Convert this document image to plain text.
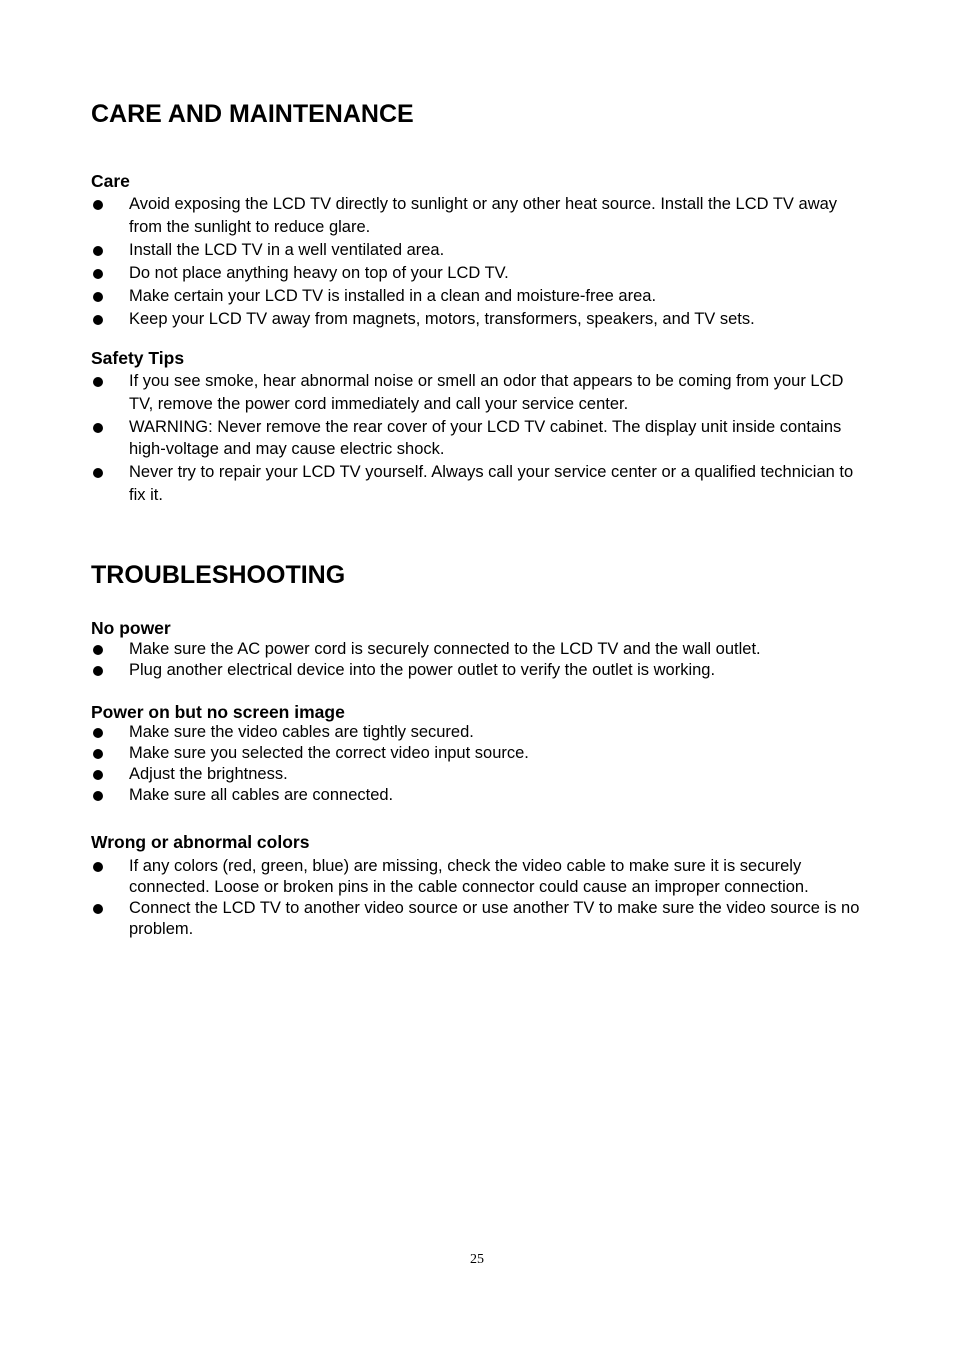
CARE AND MAINTENANCE
Care
Avoid exposing the LCD TV directly to sunlight or any other heat source. Install the LCD TV away from the sunlight to reduce glare.
Install the LCD TV in a well ventilated area.
Do not place anything heavy on top of your LCD TV.
Make certain your LCD TV is installed in a clean and moisture-free area.
Keep your LCD TV away from magnets, motors, transformers, speakers, and TV sets.
Safety Tips
If you see smoke, hear abnormal noise or smell an odor that appears to be coming from your LCD TV, remove the power cord immediately and call your service center.
WARNING: Never remove the rear cover of your LCD TV cabinet. The display unit inside contains high-voltage and may cause electric shock.
Never try to repair your LCD TV yourself. Always call your service center or a qualified technician to fix it.
TROUBLESHOOTING
No power
Make sure the AC power cord is securely connected to the LCD TV and the wall outlet.
Plug another electrical device into the power outlet to verify the outlet is working.
Power on but no screen image
Make sure the video cables are tightly secured.
Make sure you selected the correct video input source.
Adjust the brightness.
Make sure all cables are connected.
Wrong or abnormal colors
If any colors (red, green, blue) are missing, check the video cable to make sure it is securely connected. Loose or broken pins in the cable connector could cause an improper connection.
Connect the LCD TV to another video source or use another TV to make sure the video source is no problem.
25
